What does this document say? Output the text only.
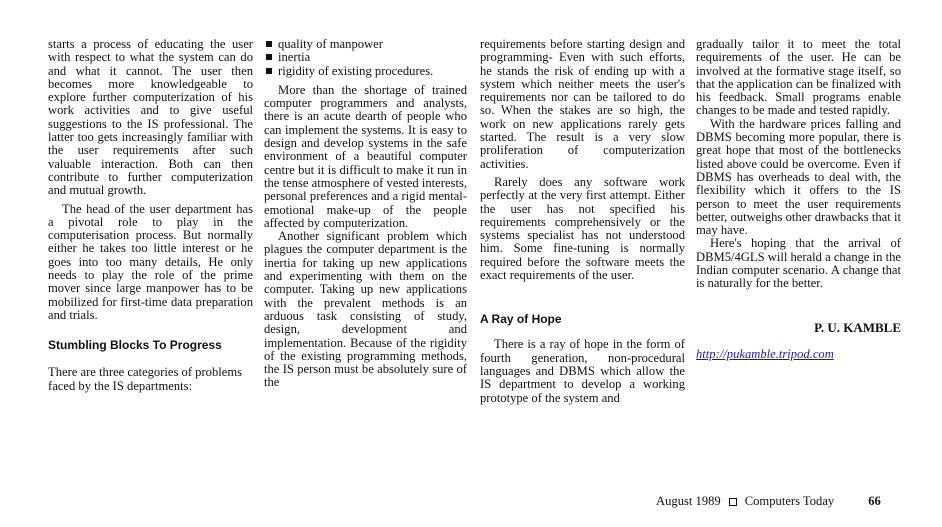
starts a process of educating the user with respect to what the system can do and what it cannot. The user then becomes more knowledgeable to explore further computerization of his work activities and to give useful suggestions to the IS professional. The latter too gets increasingly familiar with the user requirements after such valuable interaction. Both can then contribute to further computerization and mutual growth.

The head of the user department has a pivotal role to play in the computerisation process. But normally either he takes too little interest or he goes into too many details, He only needs to play the role of the prime mover since large manpower has to be mobilized for first-time data preparation and trials.

Stumbling Blocks To Progress

There are three categories of problems faced by the IS departments:

quality of manpower
inertia
rigidity of existing procedures.

More than the shortage of trained computer programmers and analysts, there is an acute dearth of people who can implement the systems. It is easy to design and develop systems in the safe environment of a beautiful computer centre but it is difficult to make it run in the tense atmosphere of vested interests, personal preferences and a rigid mental-emotional make-up of the people affected by computerization.

Another significant problem which plagues the computer department is the inertia for taking up new applications and experimenting with them on the computer. Taking up new applications with the prevalent methods is an arduous task consisting of study, design, development and implementation. Because of the rigidity of the existing programming methods, the IS person must be absolutely sure of the

requirements before starting design and programming- Even with such efforts, he stands the risk of ending up with a system which neither meets the user's requirements nor can be tailored to do so. When the stakes are so high, the work on new applications rarely gets started. The result is a very slow proliferation of computerization activities.

Rarely does any software work perfectly at the very first attempt. Either the user has not specified his requirements comprehensively or the systems specialist has not understood him. Some fine-tuning is normally required before the software meets the exact requirements of the user.

A Ray of Hope

There is a ray of hope in the form of fourth generation, non-procedural languages and DBMS which allow the IS department to develop a working prototype of the system and

gradually tailor it to meet the total requirements of the user. He can be involved at the formative stage itself, so that the application can be finalized with his feedback. Small programs enable changes to be made and tested rapidly.

With the hardware prices falling and DBMS becoming more popular, there is great hope that most of the bottlenecks listed above could be overcome. Even if DBMS has overheads to deal with, the flexibility which it offers to the IS person to meet the user requirements better, outweighs other drawbacks that it may have.

Here's hoping that the arrival of DBM5/4GLS will herald a change in the Indian computer scenario. A change that is naturally for the better.

P. U. KAMBLE

http://pukamble.tripod.com

August 1989 Computers Today	66
